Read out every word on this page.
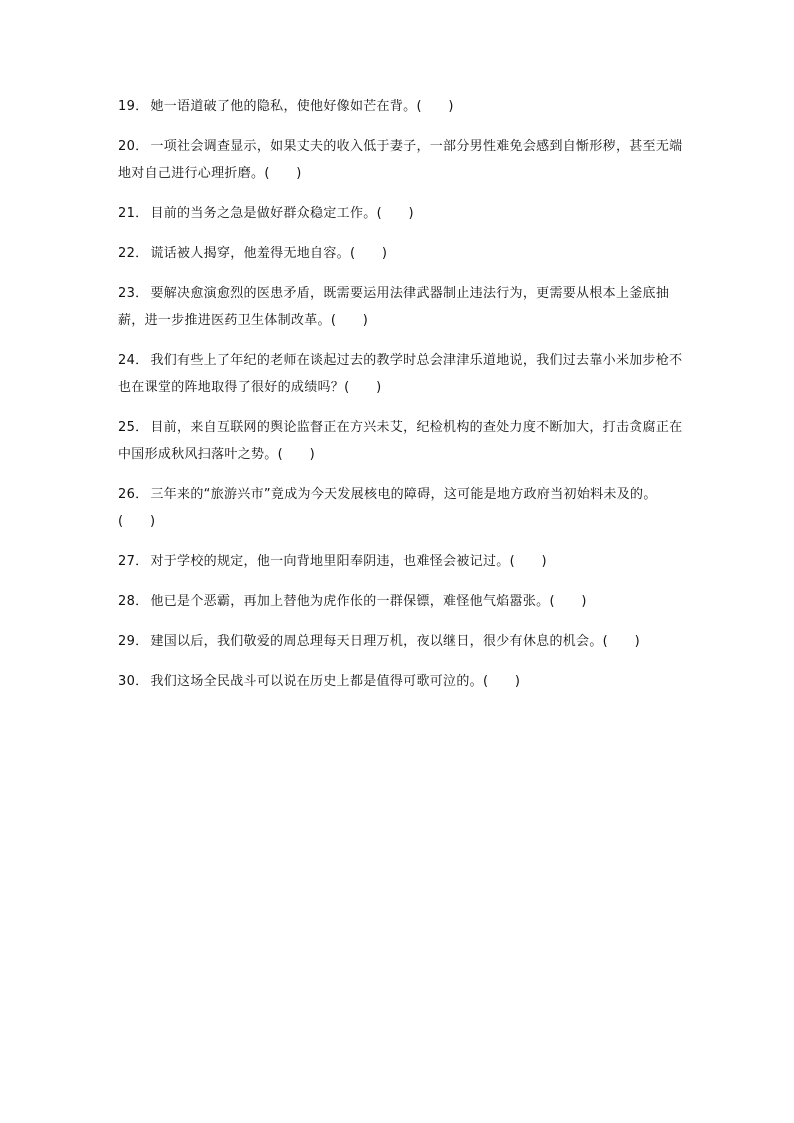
19． 她一语道破了他的隐私，使他好像如芒在背。(      )

20． 一项社会调查显示，如果丈夫的收入低于妻子，一部分男性难免会感到自惭形秽，甚至无端地对自己进行心理折磨。(      )

21． 目前的当务之急是做好群众稳定工作。(      )

22． 谎话被人揭穿，他羞得无地自容。(      )

23． 要解决愈演愈烈的医患矛盾，既需要运用法律武器制止违法行为，更需要从根本上釜底抽薪，进一步推进医药卫生体制改革。(      )

24． 我们有些上了年纪的老师在谈起过去的教学时总会津津乐道地说，我们过去靠小米加步枪不也在课堂的阵地取得了很好的成绩吗？(      )

25． 目前，来自互联网的舆论监督正在方兴未艾，纪检机构的查处力度不断加大，打击贪腐正在中国形成秋风扫落叶之势。(      )

26． 三年来的“旅游兴市”竟成为今天发展核电的障碍，这可能是地方政府当初始料未及的。(      )

27． 对于学校的规定，他一向背地里阳奉阴违，也难怪会被记过。(      )

28． 他已是个恶霸，再加上替他为虎作伥的一群保镖，难怪他气焰嚣张。(      )

29． 建国以后，我们敬爱的周总理每天日理万机，夜以继日，很少有休息的机会。(      )

30． 我们这场全民战斗可以说在历史上都是值得可歌可泣的。(      )
